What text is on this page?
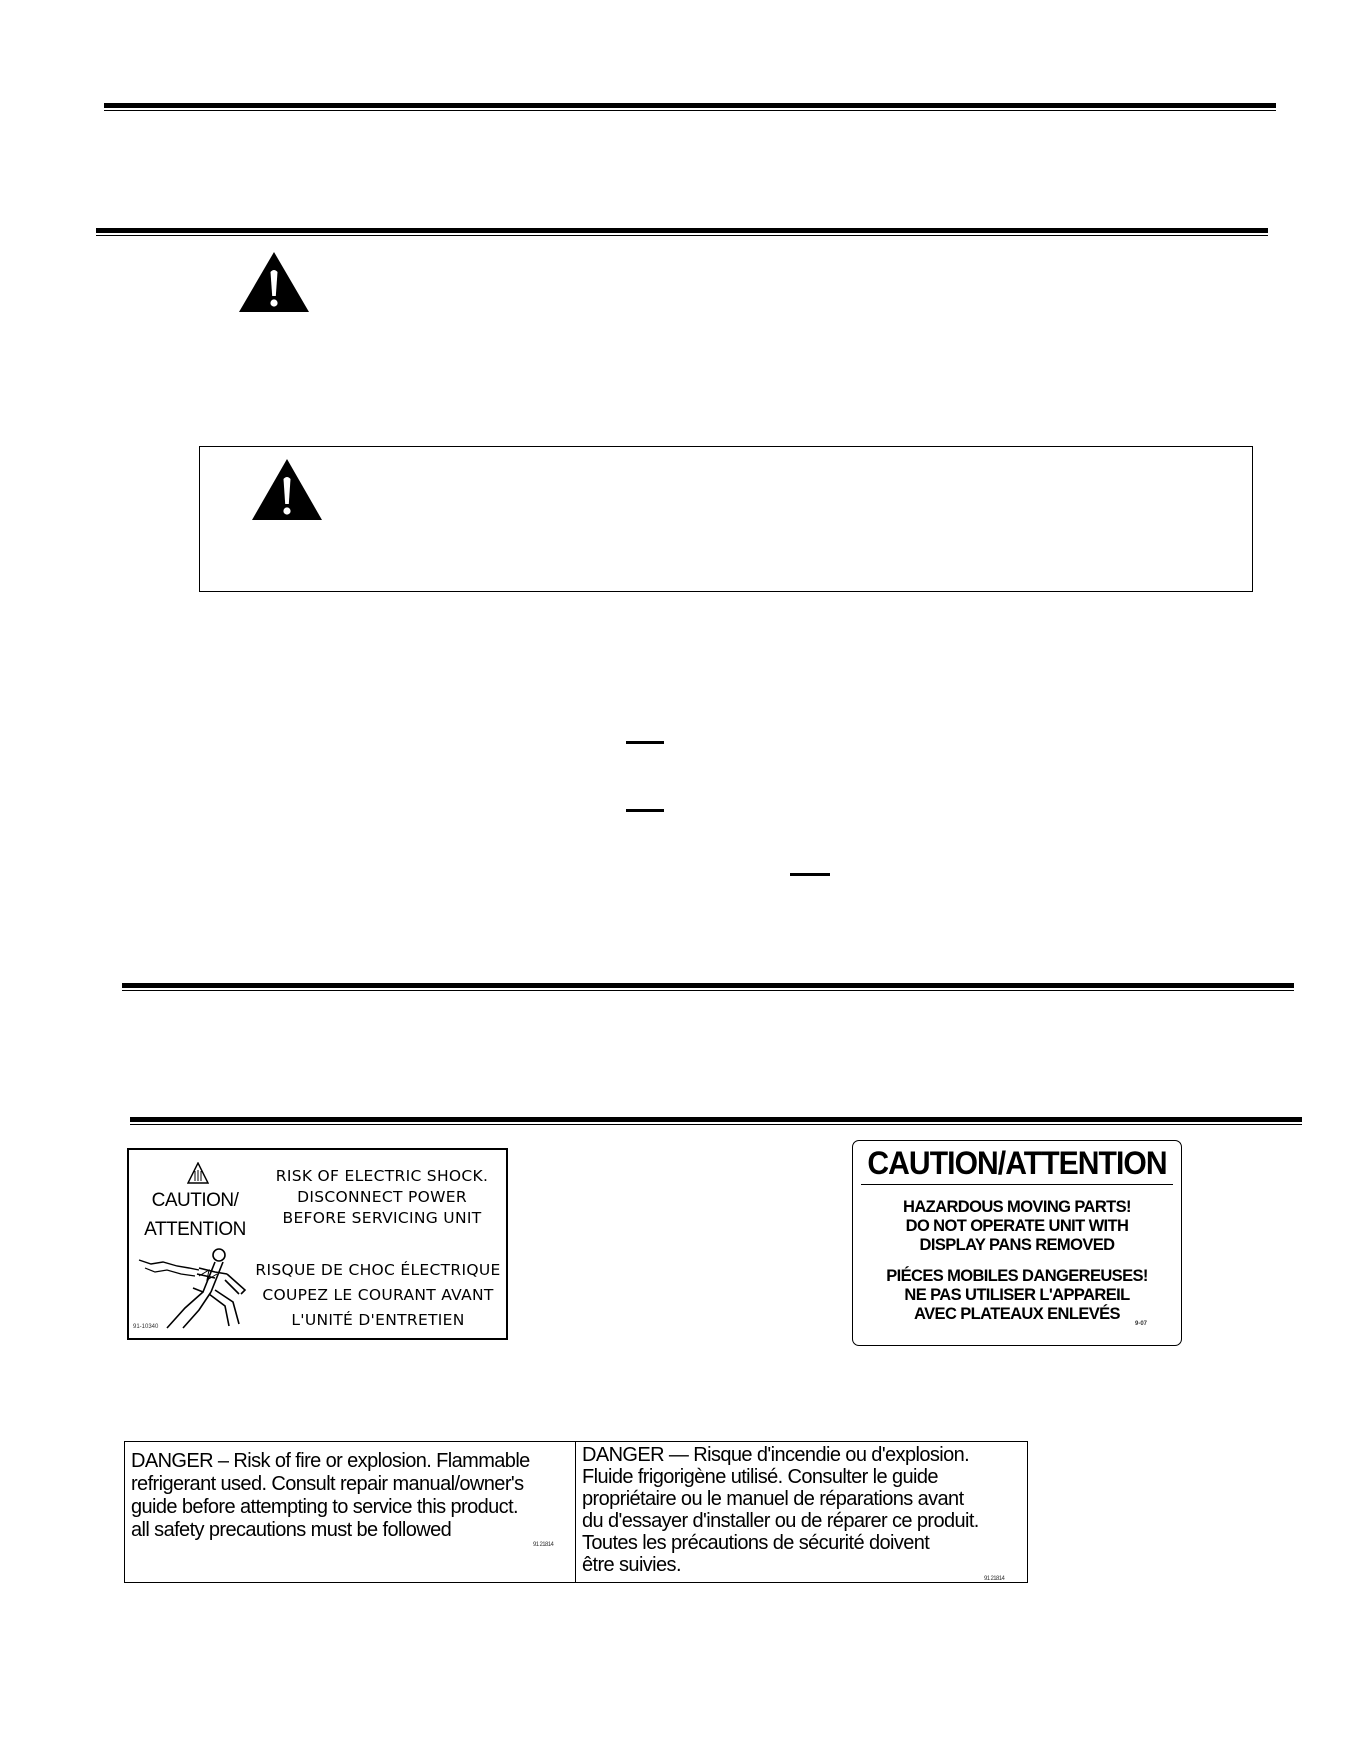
CAUTION/
ATTENTION
91-10340
RISK OF ELECTRIC SHOCK.
DISCONNECT POWER
BEFORE SERVICING UNIT
RISQUE DE CHOC ÉLECTRIQUE
COUPEZ LE COURANT AVANT
L'UNITÉ D'ENTRETIEN
CAUTION/ATTENTION
HAZARDOUS MOVING PARTS!
DO NOT OPERATE UNIT WITH
DISPLAY PANS REMOVED
PIÉCES MOBILES DANGEREUSES!
NE PAS UTILISER L'APPAREIL
AVEC PLATEAUX ENLEVÉS
9-07
DANGER – Risk of fire or explosion. Flammable
refrigerant used. Consult repair manual/owner's
guide before attempting to service this product.
all safety precautions must be followed
91 21814
DANGER — Risque d'incendie ou d'explosion.
Fluide frigorigène utilisé. Consulter le guide
propriétaire ou le manuel de réparations avant
du d'essayer d'installer ou de réparer ce produit.
Toutes les précautions de sécurité doivent
être suivies.
91 21814
